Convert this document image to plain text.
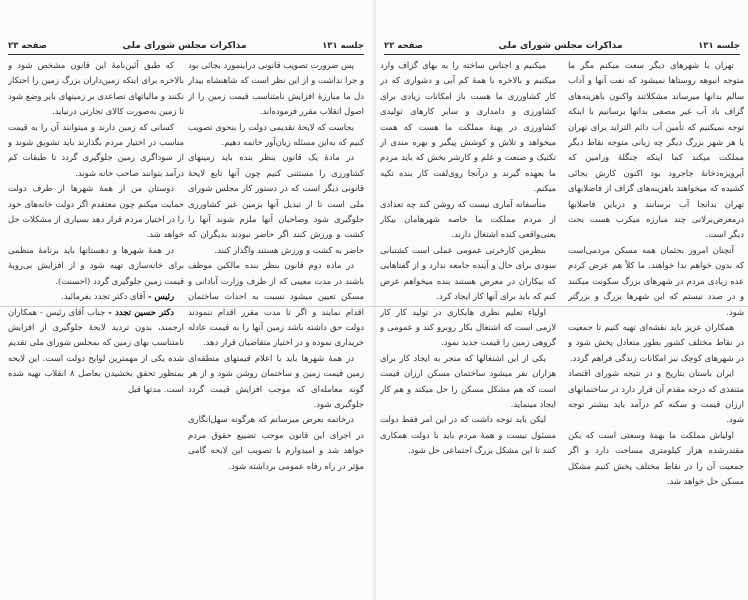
جلسه ۱۳۱
مذاکرات مجلس شورای ملی
صفحه ۲۳

پس ضرورت تصویب قانونی دراینمورد بجائی بود و جرا نداشت و از این نظر است که شاهنشاه بیدار دل ما مبارزهٔ افزایش نامتناسب قیمت زمین را از اصول انقلاب مقرر فرموده‌اند.

بجاست که لایحهٔ تقدیمی دولت را بنحوی تصویب کنیم که به‌این مسئله زیان‌آور خاتمه دهیم.

در مادهٔ یک قانون بنظر بنده باید زمینهای کشاورزی را مستثنی کنیم چون آنها تابع لایحهٔ قانونی دیگر است که در دستور کار مجلس شورای ملی است تا از تبدیل آنها بزمین غیر کشاورزی جلوگیری شود وصاحبان آنها ملزم شوند آنها را کشت و ورزش کنند اگر حاضر نبودند بدیگران که حاضر به کشت و ورزش هستند واگذار کنند.

در ماده دوم قانون بنظر بنده مالکین موظف باشند در مدت معینی که از طرف وزارت آبادانی و مسکن تعیین میشود نسبت به احداث ساختمان اقدام نمایند و اگر تا مدت مقرر اقدام ننمودند دولت حق داشته باشد زمین آنها را به قیمت عادله خریداری نموده و در اختیار متقاضیان قرار دهد.

در همهٔ شهرها باید با اعلام قیمتهای منطقه‌ای زمین قیمت زمین و ساختمان روشن شود و از هر گونه معامله‌ای که موجب افزایش قیمت گردد جلوگیری شود.

درخاتمه بعرض میرسانم که هرگونه سهل‌انگاری در اجرای این قانون موجب تضییع حقوق مردم خواهد شد و امیدوارم با تصویب این لایحه گامی مؤثر در راه رفاه عمومی برداشته شود.

که طبق آئین‌نامهٔ این قانون مشخص شود و بالاخره برای اینکه زمین‌داران بزرگ زمین را احتکار نکنند و مالیاتهای تصاعدی بر زمینهای بایر وضع شود تا زمین به‌صورت کالای تجارتی درنیاید.

کسانی که زمین دارند و میتوانند آن را به قیمت مناسب در اختیار مردم بگذارند باید تشویق شوند و از سوداگری زمین جلوگیری گردد تا طبقات کم درآمد بتوانند صاحب خانه شوند.

دوستان من از همهٔ شهرها از طرف دولت حمایت میکنم چون معتقدم اگر دولت خانه‌های خود را در اختیار مردم قرار دهد بسیاری از مشکلات حل خواهد شد.

در همهٔ شهرها و دهستانها باید برنامهٔ منظمی برای خانه‌سازی تهیه شود و از افزایش بی‌رویهٔ قیمت زمین جلوگیری گردد (احسنت).

رئیس - آقای دکتر تجدد بفرمائید.

دکتر حسین تجدد - جناب آقای رئیس - همکاران ارجمند، بدون تردید لایحهٔ جلوگیری از افزایش نامتناسب بهای زمین که بمجلس شورای ملی تقدیم شده یکی از مهمترین لوایح دولت است. این لایحه بمنظور تحقق بخشیدن بعاصل ۸ انقلاب تهیه شده است. مدتها قبل

جلسه ۱۳۱
مذاکرات مجلس شورای ملی
صفحه ۲۲

تهران با شهرهای دیگر سعت میکنم مگر ما متوجه انبوهه روستاها نمیشود که نفت آنها و آداب سالم بدانها میرساند مشکلاتند واکنون باهزینه‌های گزاف باد آب غیر مصفی بدانها برسانیم با اینکه توجه نمیکنیم که تأمین آب دائم التزاید برای تهران یا هر شهر بزرگ دیگر چه زیانی متوجه نقاط دیگر مملکت میکند کما اینکه جنگلهٔ ورامین که آبرویزه‌دخانهٔ جاجرود بود اکنون کارش بجائی کشیده که میخواهند باهزینه‌های گزاف از فاضلابهای تهران بدانجا آب برسانند و درباین فاضلابها درمعرض‌برلانی چند مبارزه میکرب هست بحث دیگر است.

آنچنان امروز بحثمان همه مسکن مردمی‌است که بدون خواهم ندا خواهند. ما کلاً هم عرض کردم عده زیادی مردم در شهرهای بزرگ سکونت میکنند و در صدد نیستم که این شهرها بزرگ و بزرگتر شود.

همکاران عزیز باید نقشه‌ای تهیه کنیم تا جمعیت در نقاط مختلف کشور بطور متعادل پخش شود و در شهرهای کوچک نیز امکانات زندگی فراهم گردد.

ایران باستان بتاریخ و در نتیجه شورای اقتصاد متنفذی که درجه مقدم آن قرار دارد در ساختمانهای ارزان قیمت و سکنه کم درآمد باید بیشتر توجه شود.

اولیاش مملکت ما بهمهٔ وسعتی است که بکن مقتدرشده هزار کیلومتری مساحت دارد و اگر جمعیت آن را در نقاط مختلف پخش کنیم مشکل مسکن حل خواهد شد.

میکنیم و اجناس ساخته را به بهای گزاف وارد میکنیم و بالاخره با همهٔ کم آبی و دشواری که در کار کشاورزی ما هست باز امکانات زیادی برای کشاورزی و دامداری و سایر کارهای تولیدی کشاورزی در پهنهٔ مملکت ما هست که همت میخواهد و تلاش و کوشش پیگیر و بهره مندی از تکنیک و صنعت و علم و کارشر بخش که باید مردم ما بعهده گیرند و درآنجا روی‌لفت کار بنده تکیه میکنم.

متأسفانه آماری نیست که روشن کند چه تعدادی از مردم مملکت ما خاصه شهرهامان بیکار یعنی‌واقعی کنده اشتغال دارند.

بنظرمن کارخرتی عمومی عملی است کشتبانی سودی برای حال و آینده جامعه ندارد و از گفتاهایی که بیکاران در معرض هستند بنده میخواهم عرض کنم که باید برای آنها کار ایجاد کرد.

اولیاء تعلیم نظری هایکاری در تولید کار کار لازمی است که اشتغال بکار روبرو کند و عمومی و گروهی زمین را قیمت جدید نمود.

یکی از این اشتغالها که منجر به ایجاد کار برای هزاران نفر میشود ساختمان مسکن ارزان قیمت است که هم مشکل مسکن را حل میکند و هم کار ایجاد مینماید.

لیکن باید توجه داشت که در این امر فقط دولت مسئول نیست و همهٔ مردم باید با دولت همکاری کنند تا این مشکل بزرگ اجتماعی حل شود.
